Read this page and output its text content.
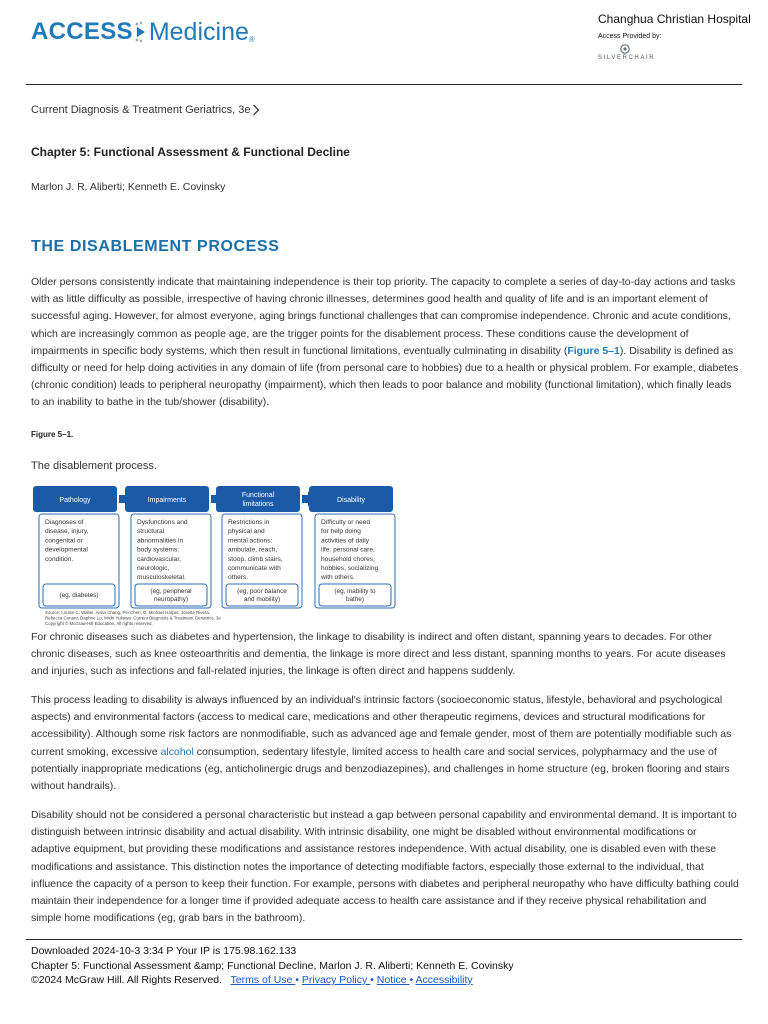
ACCESS Medicine ®
Changhua Christian Hospital
Access Provided by:
SILVERCHAIR
Current Diagnosis & Treatment Geriatrics, 3e
Chapter 5: Functional Assessment & Functional Decline
Marlon J. R. Aliberti; Kenneth E. Covinsky
THE DISABLEMENT PROCESS
Older persons consistently indicate that maintaining independence is their top priority. The capacity to complete a series of day-to-day actions and tasks with as little difficulty as possible, irrespective of having chronic illnesses, determines good health and quality of life and is an important element of successful aging. However, for almost everyone, aging brings functional challenges that can compromise independence. Chronic and acute conditions, which are increasingly common as people age, are the trigger points for the disablement process. These conditions cause the development of impairments in specific body systems, which then result in functional limitations, eventually culminating in disability (Figure 5–1). Disability is defined as difficulty or need for help doing activities in any domain of life (from personal care to hobbies) due to a health or physical problem. For example, diabetes (chronic condition) leads to peripheral neuropathy (impairment), which then leads to poor balance and mobility (functional limitation), which finally leads to an inability to bathe in the tub/shower (disability).
Figure 5–1.
The disablement process.
Pathology
Diagnoses of
disease, injury,
congenital or
developmental
condition.
(eg, diabetes)
Impairments
Dysfunctions and
structural
abnormalities in
body systems:
cardiovascular,
neurologic,
musculoskeletal.
(eg, peripheral
neuropathy)
Functional
limitations
Restrictions in
physical and
mental actions:
ambulate, reach,
stoop, climb stairs,
communicate with
others.
(eg, poor balance
and mobility)
Disability
Difficulty or need
for help doing
activities of daily
life: personal care,
household chores,
hobbies, socializing
with others.
(eg, inability to
bathe)
Source: Louise C. Walter, Anna Chang, Pei Chen, G. Michael Harper, Josette Rivera,
Rebecca Conant, Daphne Lo, Michi Yukawa: Current Diagnosis & Treatment Geriatrics, 3e
Copyright © McGraw-Hill Education. All rights reserved.
For chronic diseases such as diabetes and hypertension, the linkage to disability is indirect and often distant, spanning years to decades. For other chronic diseases, such as knee osteoarthritis and dementia, the linkage is more direct and less distant, spanning months to years. For acute diseases and injuries, such as infections and fall-related injuries, the linkage is often direct and happens suddenly.
This process leading to disability is always influenced by an individual's intrinsic factors (socioeconomic status, lifestyle, behavioral and psychological aspects) and environmental factors (access to medical care, medications and other therapeutic regimens, devices and structural modifications for accessibility). Although some risk factors are nonmodifiable, such as advanced age and female gender, most of them are potentially modifiable such as current smoking, excessive alcohol consumption, sedentary lifestyle, limited access to health care and social services, polypharmacy and the use of potentially inappropriate medications (eg, anticholinergic drugs and benzodiazepines), and challenges in home structure (eg, broken flooring and stairs without handrails).
Disability should not be considered a personal characteristic but instead a gap between personal capability and environmental demand. It is important to distinguish between intrinsic disability and actual disability. With intrinsic disability, one might be disabled without environmental modifications or adaptive equipment, but providing these modifications and assistance restores independence. With actual disability, one is disabled even with these modifications and assistance. This distinction notes the importance of detecting modifiable factors, especially those external to the individual, that influence the capacity of a person to keep their function. For example, persons with diabetes and peripheral neuropathy who have difficulty bathing could maintain their independence for a longer time if provided adequate access to health care assistance and if they receive physical rehabilitation and simple home modifications (eg, grab bars in the bathroom).
Downloaded 2024-10-3 3:34 P Your IP is 175.98.162.133
Chapter 5: Functional Assessment &amp; Functional Decline, Marlon J. R. Aliberti; Kenneth E. Covinsky
©2024 McGraw Hill. All Rights Reserved. Terms of Use • Privacy Policy • Notice • Accessibility
